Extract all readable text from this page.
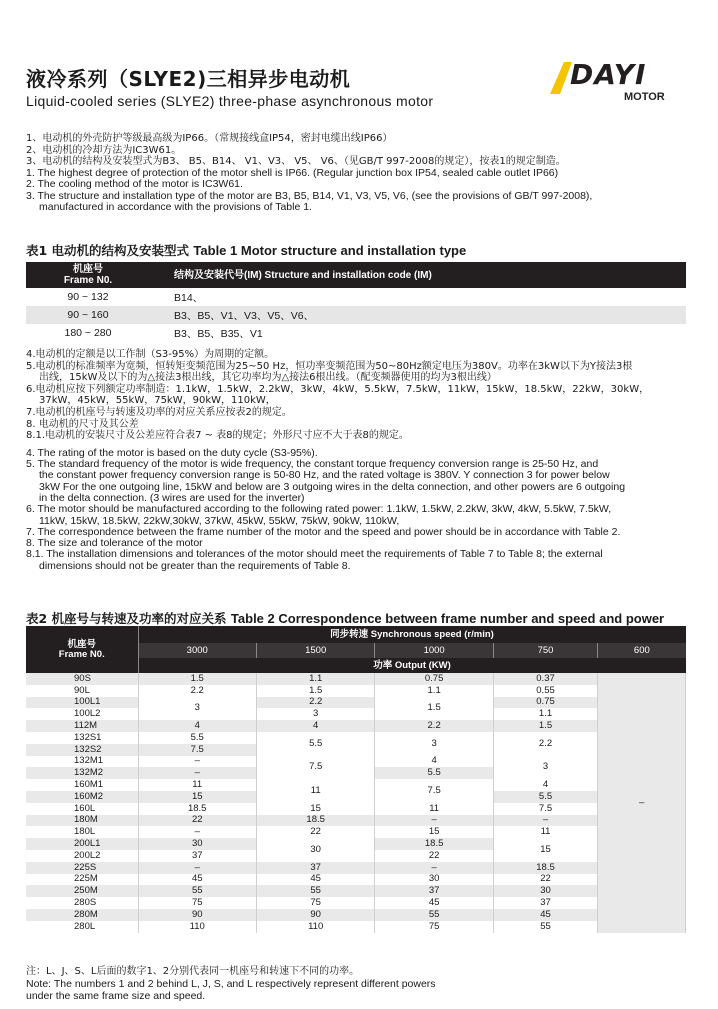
液冷系列（SLYE2)三相异步电动机
Liquid-cooled series (SLYE2) three-phase asynchronous motor
DAYI
MOTOR

1、电动机的外壳防护等级最高级为IP66。（常规接线盒IP54，密封电缆出线IP66）

2、电动机的冷却方法为IC3W61。

3、电动机的结构及安装型式为B3、 B5、B14、 V1、V3、 V5、 V6、（见GB/T 997-2008的规定），按表1的规定制造。

1. The highest degree of protection of the motor shell is IP66. (Regular junction box IP54, sealed cable outlet IP66)

2. The cooling method of the motor is IC3W61.

3. The structure and installation type of the motor are B3, B5, B14, V1, V3, V5, V6, (see the provisions of GB/T 997-2008),

manufactured in accordance with the provisions of Table 1.

表1 电动机的结构及安装型式 Table 1 Motor structure and installation type
机座号
Frame N0.	结构及安装代号(IM) Structure and installation code (IM)
90 ~ 132	B14、
90 ~ 160	B3、B5、V1、V3、V5、V6、
180 ~ 280	B3、B5、B35、V1

4.电动机的定额是以工作制（S3-95%）为周期的定额。

5.电动机的标准频率为宽频，恒转矩变频范围为25~50 Hz，恒功率变频范围为50~80Hz额定电压为380V。功率在3kW以下为Y接法3根

出线，15kW及以下的为△接法3根出线，其它功率均为△接法6根出线。（配变频器使用的均为3根出线）

6.电动机应按下列额定功率制造：1.1kW，1.5kW，2.2kW，3kW，4kW，5.5kW，7.5kW，11kW，15kW，18.5kW，22kW，30kW，

37kW，45kW，55kW，75kW，90kW，110kW，

7.电动机的机座号与转速及功率的对应关系应按表2的规定。

8. 电动机的尺寸及其公差

8.1.电动机的安装尺寸及公差应符合表7 ~ 表8的规定；外形尺寸应不大于表8的规定。

4. The rating of the motor is based on the duty cycle (S3-95%).

5. The standard frequency of the motor is wide frequency, the constant torque frequency conversion range is 25-50 Hz, and

the constant power frequency conversion range is 50-80 Hz, and the rated voltage is 380V. Y connection 3 for power below

3kW For the one outgoing line, 15kW and below are 3 outgoing wires in the delta connection, and other powers are 6 outgoing

in the delta connection. (3 wires are used for the inverter)

6. The motor should be manufactured according to the following rated power: 1.1kW, 1.5kW, 2.2kW, 3kW, 4kW, 5.5kW, 7.5kW,

11kW, 15kW, 18.5kW, 22kW,30kW, 37kW, 45kW, 55kW, 75kW, 90kW, 110kW,

7. The correspondence between the frame number of the motor and the speed and power should be in accordance with Table 2.

8. The size and tolerance of the motor

8.1. The installation dimensions and tolerances of the motor should meet the requirements of Table 7 to Table 8; the external

dimensions should not be greater than the requirements of Table 8.

表2 机座号与转速及功率的对应关系 Table 2 Correspondence between frame number and speed and power
机座号
Frame N0.	同步转速 Synchronous speed (r/min)				
	3000	1500	1000	750	600
	功率 Output (KW)				
90S	1.5	1.1	0.75	0.37	–
90L	2.2	1.5	1.1	0.55	
100L1	3	2.2	1.5	0.75	
100L2		3		1.1	
112M	4	4	2.2	1.5	
132S1	5.5	5.5	3	2.2	
132S2	7.5				
132M1	–	7.5	4	3	
132M2	–		5.5		
160M1	11	11	7.5	4	
160M2	15			5.5	
160L	18.5	15	11	7.5	
180M	22	18.5	–	–	
180L	–	22	15	11	
200L1	30	30	18.5	15	
200L2	37		22		
225S	–	37	–	18.5	
225M	45	45	30	22	
250M	55	55	37	30	
280S	75	75	45	37	
280M	90	90	55	45	
280L	110	110	75	55	

注：L、J、S、L后面的数字1、2分别代表同一机座号和转速下不同的功率。

Note: The numbers 1 and 2 behind L, J, S, and L respectively represent different powers

under the same frame size and speed.
